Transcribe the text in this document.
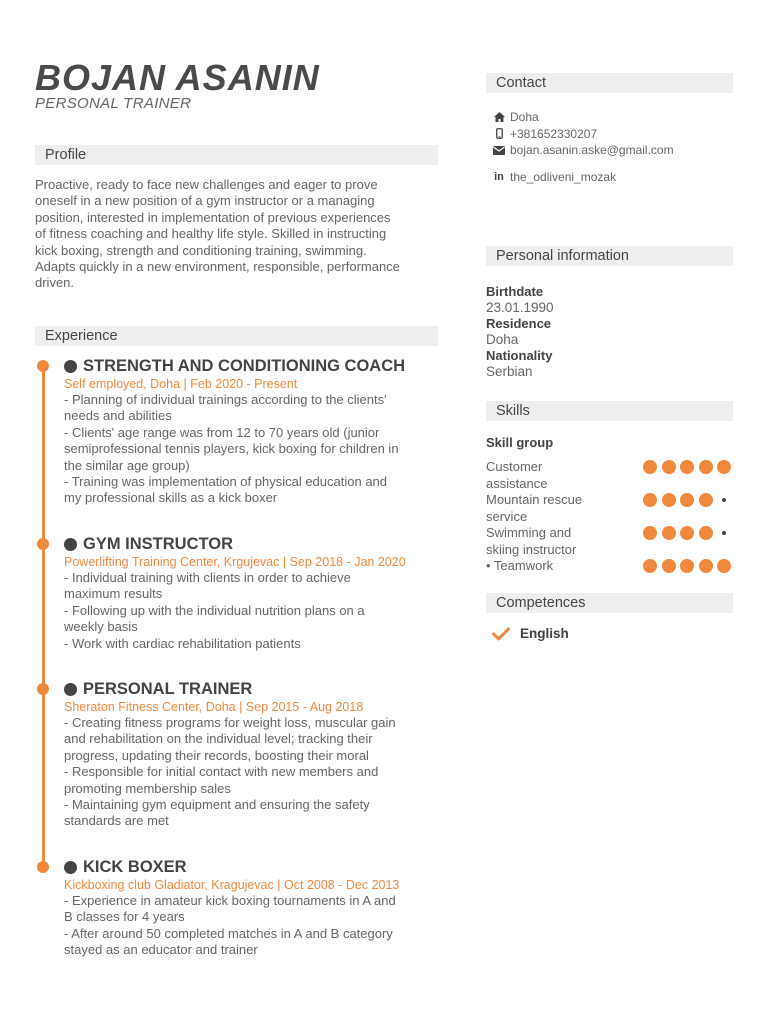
BOJAN ASANIN
PERSONAL TRAINER
Profile
Experience
Contact
Personal information
Skills
Competences
Proactive, ready to face new challenges and eager to prove
oneself in a new position of a gym instructor or a managing
position, interested in implementation of previous experiences
of fitness coaching and healthy life style. Skilled in instructing
kick boxing, strength and conditioning training, swimming.
Adapts quickly in a new environment, responsible, performance
driven.
STRENGTH AND CONDITIONING COACH
Self employed, Doha | Feb 2020 - Present
- Planning of individual trainings according to the clients'
needs and abilities
- Clients' age range was from 12 to 70 years old (junior
semiprofessional tennis players, kick boxing for children in
the similar age group)
- Training was implementation of physical education and
my professional skills as a kick boxer
GYM INSTRUCTOR
Powerlifting Training Center, Krgujevac | Sep 2018 - Jan 2020
- Individual training with clients in order to achieve
maximum results
- Following up with the individual nutrition plans on a
weekly basis
- Work with cardiac rehabilitation patients
PERSONAL TRAINER
Sheraton Fitness Center, Doha | Sep 2015 - Aug 2018
- Creating fitness programs for weight loss, muscular gain
and rehabilitation on the individual level; tracking their
progress, updating their records, boosting their moral
- Responsible for initial contact with new members and
promoting membership sales
- Maintaining gym equipment and ensuring the safety
standards are met
KICK BOXER
Kickboxing club Gladiator, Kragujevac | Oct 2008 - Dec 2013
- Experience in amateur kick boxing tournaments in A and
B classes for 4 years
- After around 50 completed matches in A and B category
stayed as an educator and trainer
Doha
+381652330207
bojan.asanin.aske@gmail.com
in the_odliveni_mozak
Birthdate
23.01.1990
Residence
Doha
Nationality
Serbian
Skill group
Customer
assistance
Mountain rescue
service
Swimming and
skiing instructor
• Teamwork
English
